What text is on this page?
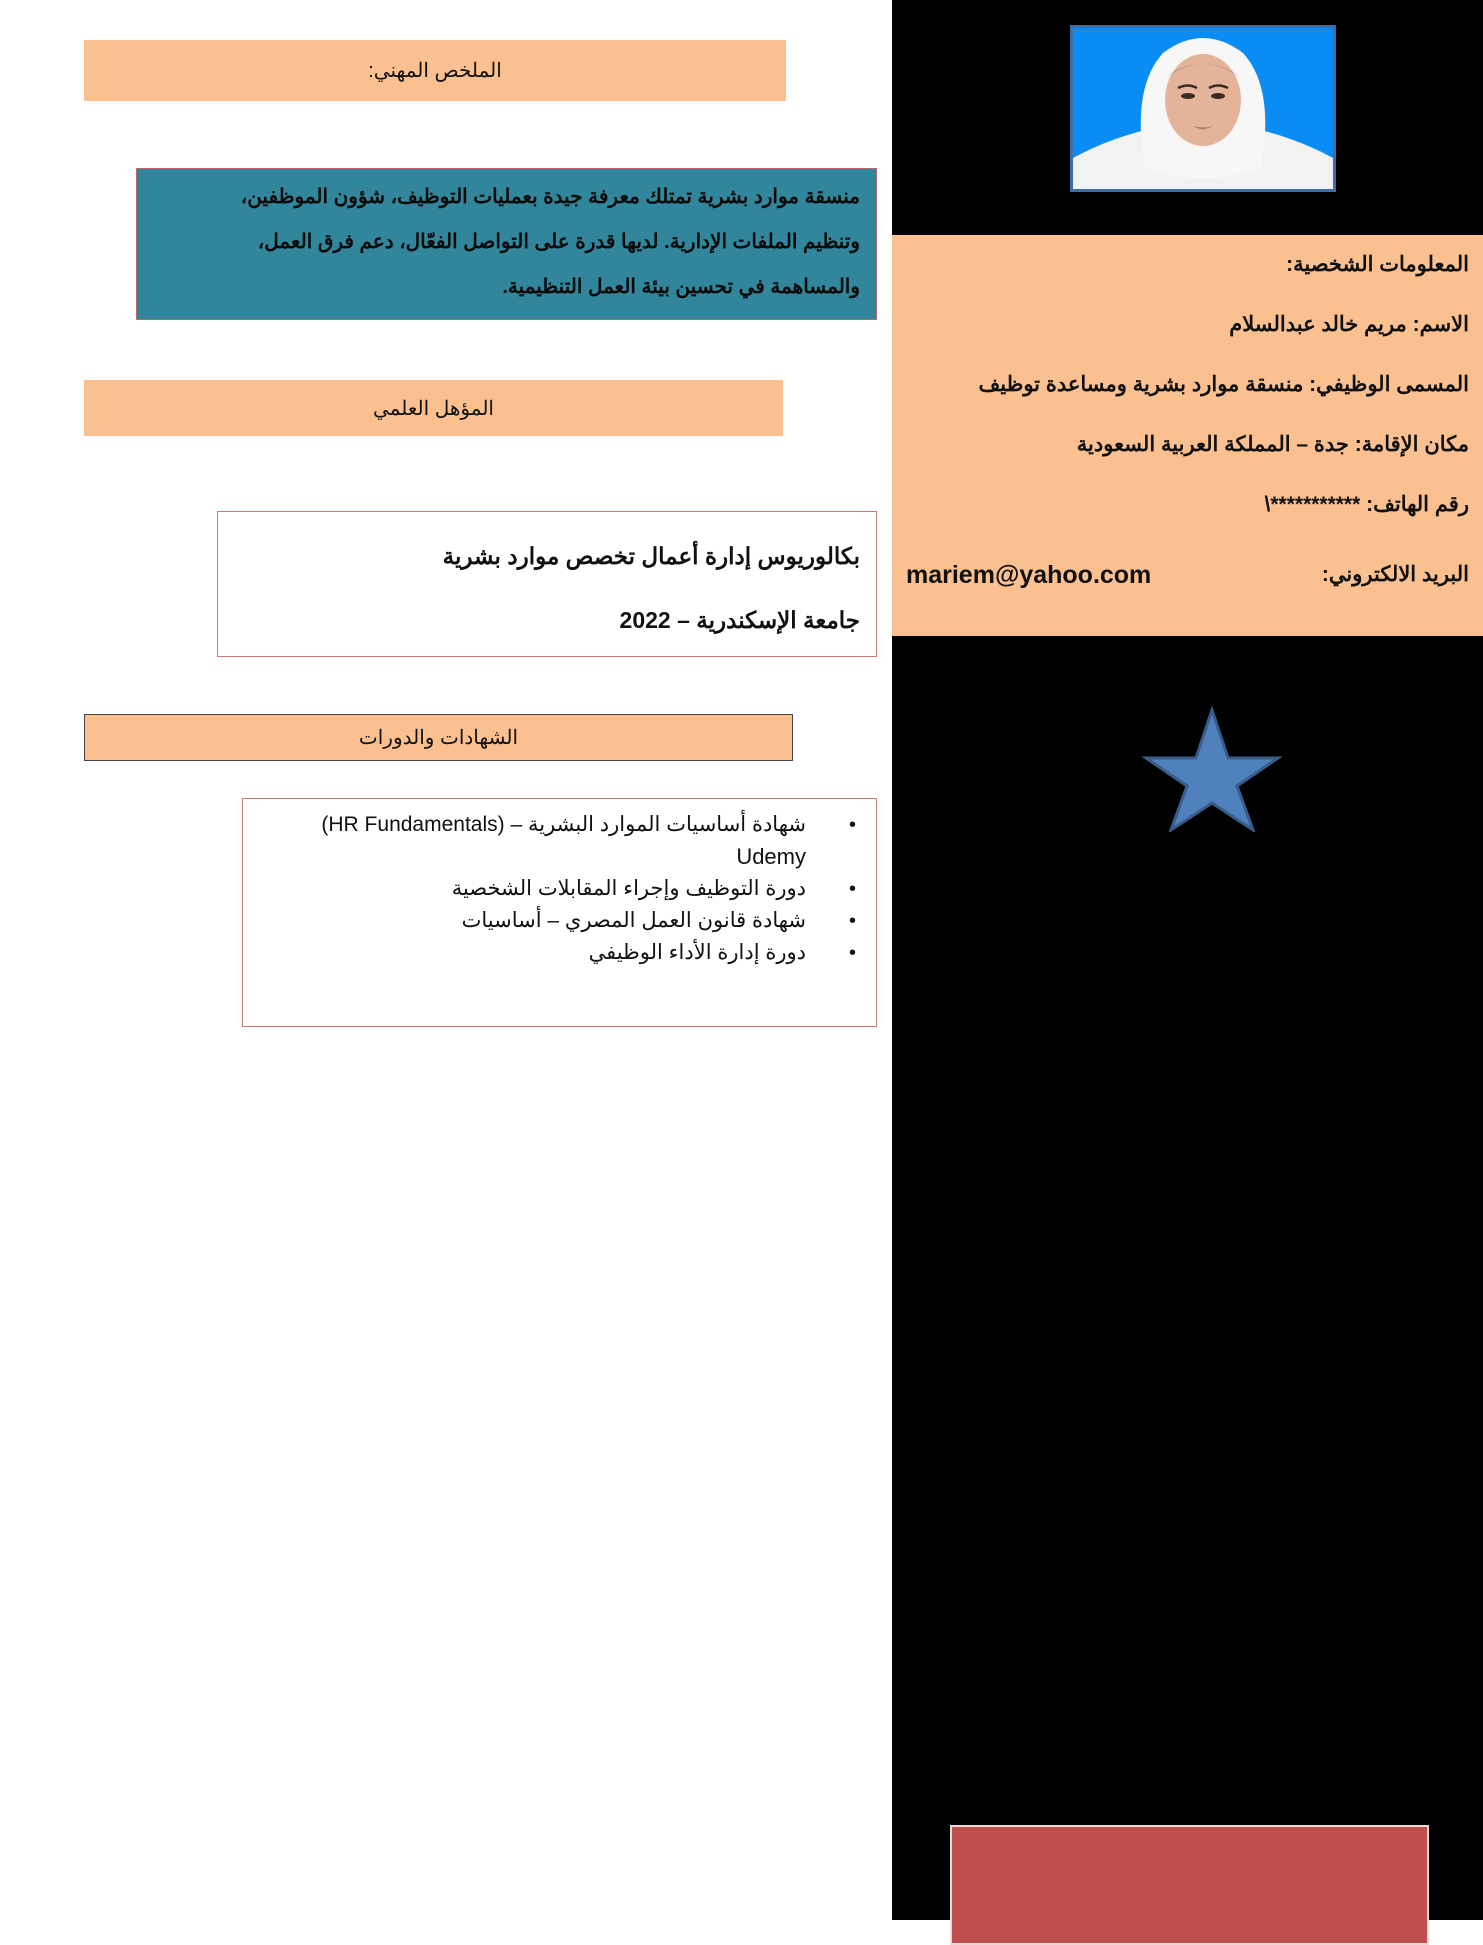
الملخص المهني:
منسقة موارد بشرية تمتلك معرفة جيدة بعمليات التوظيف، شؤون الموظفين،
وتنظيم الملفات الإدارية. لديها قدرة على التواصل الفعّال، دعم فرق العمل،
والمساهمة في تحسين بيئة العمل التنظيمية.
المؤهل العلمي
بكالوريوس إدارة أعمال تخصص موارد بشرية
جامعة الإسكندرية – 2022
الشهادات والدورات
•
شهادة أساسيات الموارد البشرية – (HR Fundamentals)
Udemy
•
دورة التوظيف وإجراء المقابلات الشخصية
•
شهادة قانون العمل المصري – أساسيات
•
دورة إدارة الأداء الوظيفي
المعلومات الشخصية:
الاسم: مريم خالد عبدالسلام
المسمى الوظيفي: منسقة موارد بشرية ومساعدة توظيف
مكان الإقامة: جدة – المملكة العربية السعودية
رقم الهاتف: ***********\
البريد الالكتروني:
mariem@yahoo.com
